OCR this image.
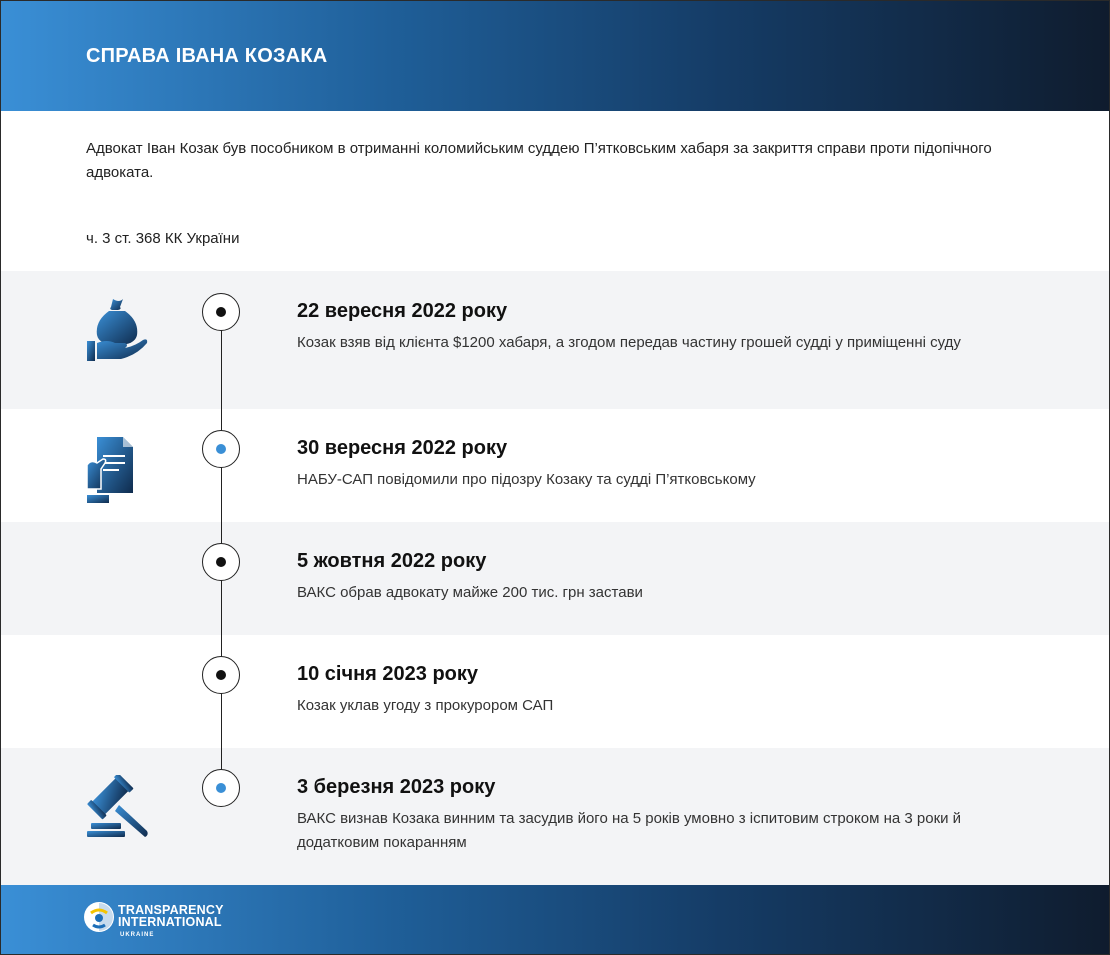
СПРАВА ІВАНА КОЗАКА
Адвокат Іван Козак був пособником в отриманні коломийським суддею П’ятковським хабаря за закриття справи проти підопічного адвоката.
ч. 3 ст. 368 КК України
22 вересня 2022 року
Козак взяв від клієнта $1200 хабаря, а згодом передав частину грошей судді у приміщенні суду
30 вересня 2022 року
НАБУ-САП повідомили про підозру Козаку та судді П’ятковському
5 жовтня 2022 року
ВАКС обрав адвокату майже 200 тис. грн застави
10 січня 2023 року
Козак уклав угоду з прокурором САП
3 березня 2023 року
ВАКС визнав Козака винним та засудив його на 5 років умовно з іспитовим строком на 3 роки й додатковим покаранням
TRANSPARENCY
INTERNATIONAL
UKRAINE
